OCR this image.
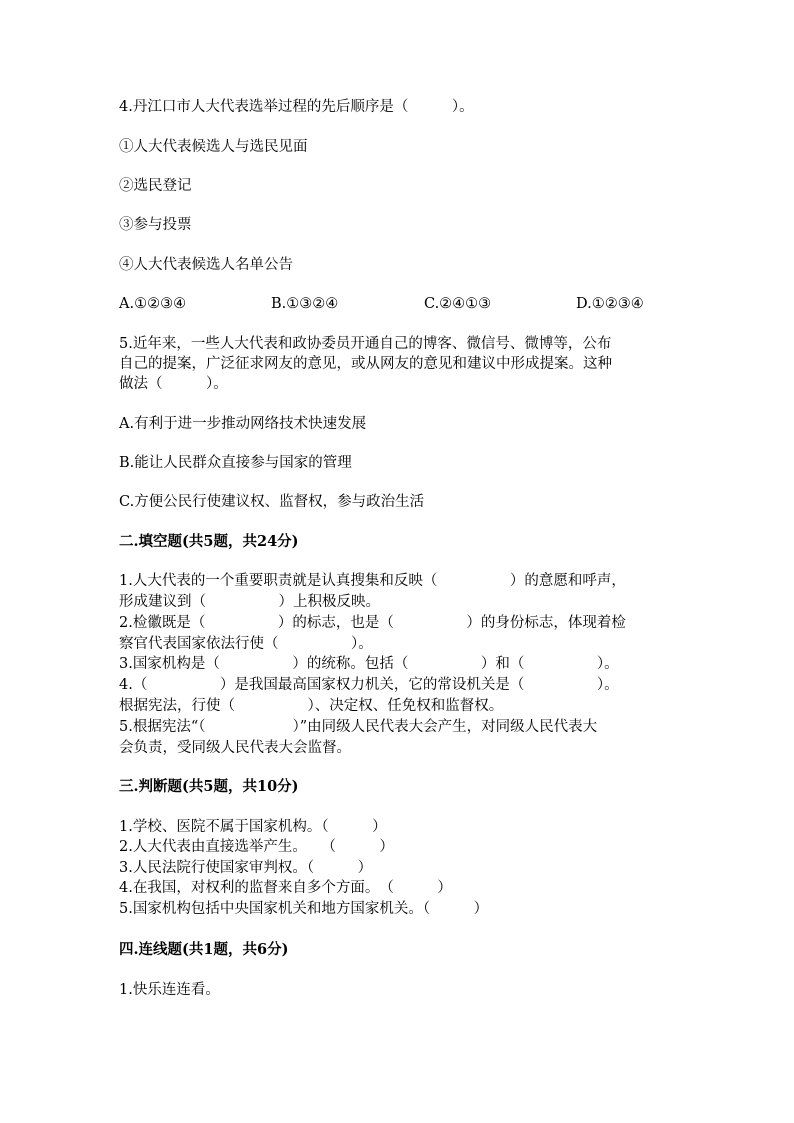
4.丹江口市人大代表选举过程的先后顺序是（　　　）。
①人大代表候选人与选民见面
②选民登记
③参与投票
④人大代表候选人名单公告
A.①②③④	B.①③②④	C.②④①③	D.①②③④
5.近年来，一些人大代表和政协委员开通自己的博客、微信号、微博等，公布
自己的提案，广泛征求网友的意见，或从网友的意见和建议中形成提案。这种
做法（　　　）。
A.有利于进一步推动网络技术快速发展
B.能让人民群众直接参与国家的管理
C.方便公民行使建议权、监督权，参与政治生活
二.填空题(共5题，共24分)
1.人大代表的一个重要职责就是认真搜集和反映（　　　　　）的意愿和呼声，
形成建议到（　　　　　）上积极反映。
2.检徽既是（　　　　　）的标志，也是（　　　　　）的身份标志，体现着检
察官代表国家依法行使（　　　　　）。
3.国家机构是（　　　　　）的统称。包括（　　　　　）和（　　　　　）。
4.（　　　　　）是我国最高国家权力机关，它的常设机关是（　　　　　）。
根据宪法，行使（　　　　　）、决定权、任免权和监督权。
5.根据宪法“（　　　　　　）”由同级人民代表大会产生，对同级人民代表大
会负责，受同级人民代表大会监督。
三.判断题(共5题，共10分)
1.学校、医院不属于国家机构。（　　　）
2.人大代表由直接选举产生。　　（　　　）
3.人民法院行使国家审判权。（　　　）
4.在我国，对权利的监督来自多个方面。　（　　　）
5.国家机构包括中央国家机关和地方国家机关。（　　　）
四.连线题(共1题，共6分)
1.快乐连连看。
